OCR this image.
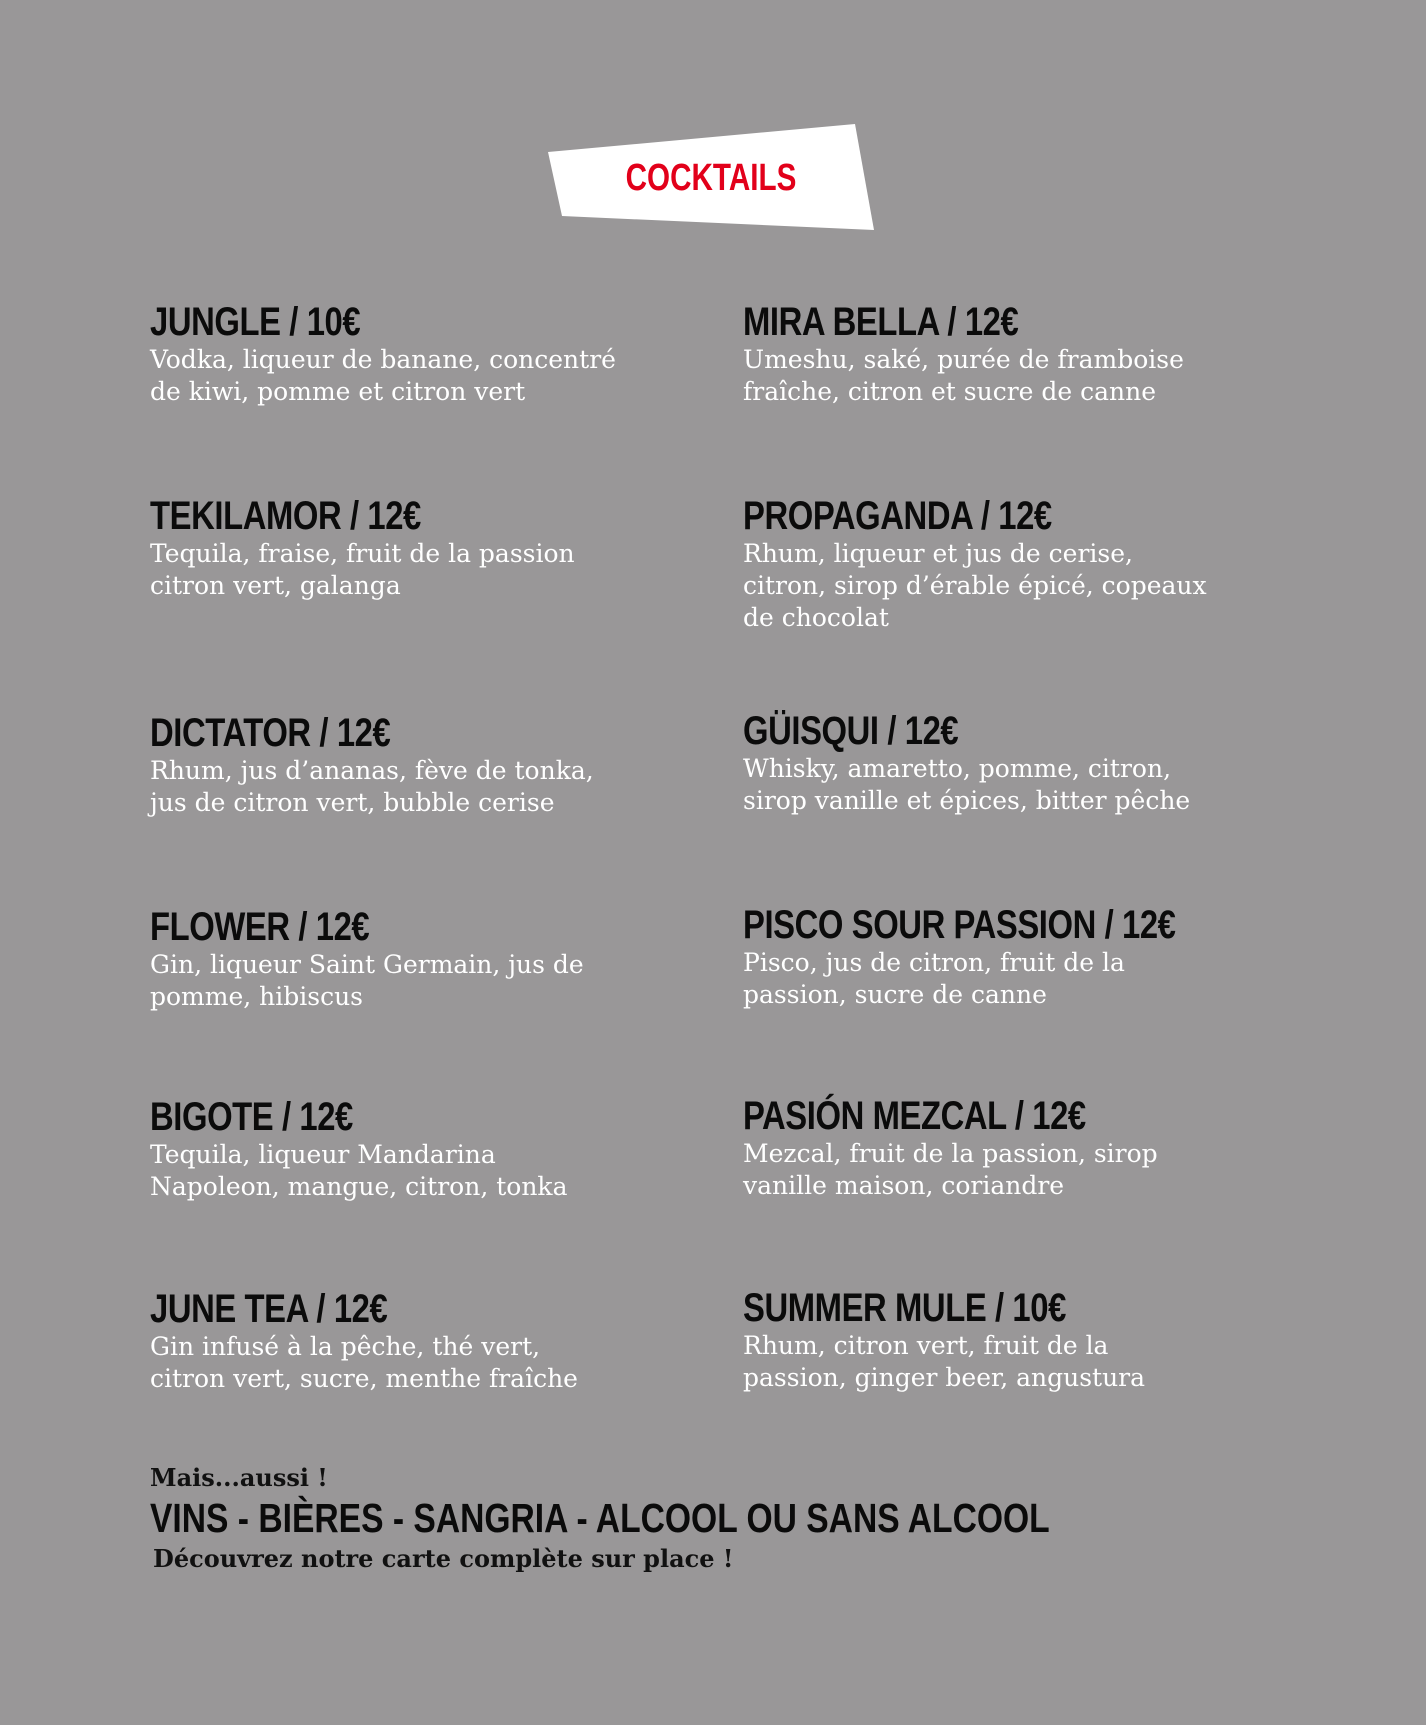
COCKTAILS
JUNGLE / 10€
Vodka, liqueur de banane, concentré
de kiwi, pomme et citron vert
TEKILAMOR / 12€
Tequila, fraise, fruit de la passion
citron vert, galanga
DICTATOR / 12€
Rhum, jus d’ananas, fève de tonka,
jus de citron vert, bubble cerise
FLOWER / 12€
Gin, liqueur Saint Germain, jus de
pomme, hibiscus
BIGOTE / 12€
Tequila, liqueur Mandarina
Napoleon, mangue, citron, tonka
JUNE TEA / 12€
Gin infusé à la pêche, thé vert,
citron vert, sucre, menthe fraîche
MIRA BELLA / 12€
Umeshu, saké, purée de framboise
fraîche, citron et sucre de canne
PROPAGANDA / 12€
Rhum, liqueur et jus de cerise,
citron, sirop d’érable épicé, copeaux
de chocolat
GÜISQUI / 12€
Whisky, amaretto, pomme, citron,
sirop vanille et épices, bitter pêche
PISCO SOUR PASSION / 12€
Pisco, jus de citron, fruit de la
passion, sucre de canne
PASIÓN MEZCAL / 12€
Mezcal, fruit de la passion, sirop
vanille maison, coriandre
SUMMER MULE / 10€
Rhum, citron vert, fruit de la
passion, ginger beer, angustura
Mais...aussi !
VINS - BIÈRES - SANGRIA - ALCOOL OU SANS ALCOOL
Découvrez notre carte complète sur place !
